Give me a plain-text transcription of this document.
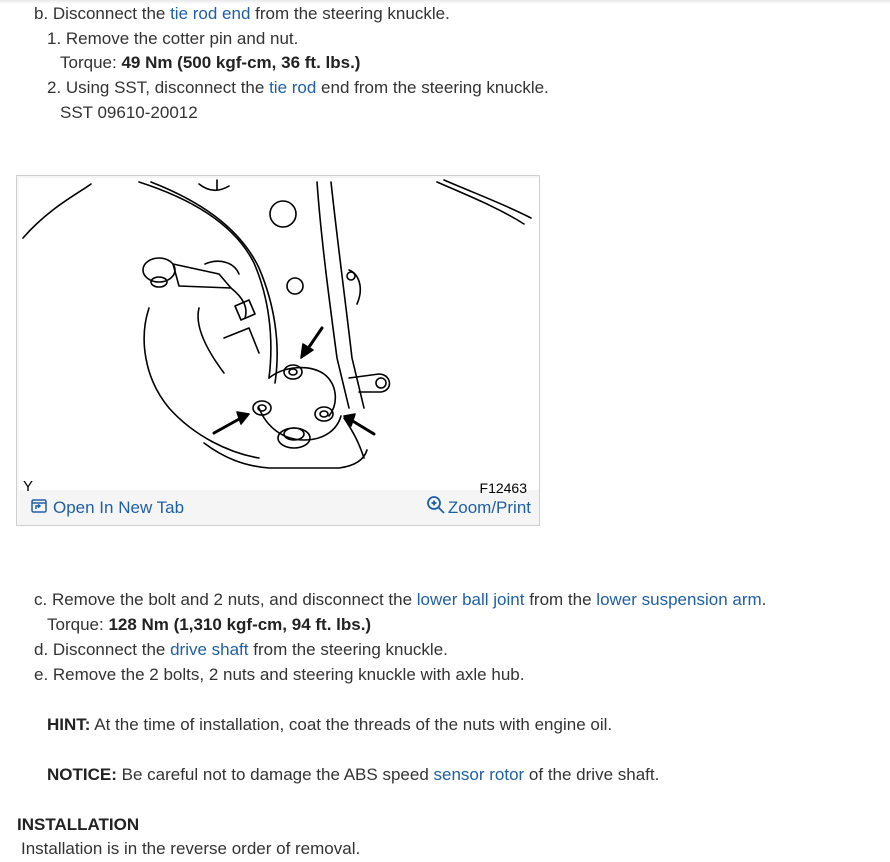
b. Disconnect the tie rod end from the steering knuckle.
1. Remove the cotter pin and nut.
Torque: 49 Nm (500 kgf-cm, 36 ft. lbs.)
2. Using SST, disconnect the tie rod end from the steering knuckle.
SST 09610-20012
Y	F12463
Open In New Tab	Zoom/Print
c. Remove the bolt and 2 nuts, and disconnect the lower ball joint from the lower suspension arm.
Torque: 128 Nm (1,310 kgf-cm, 94 ft. lbs.)
d. Disconnect the drive shaft from the steering knuckle.
e. Remove the 2 bolts, 2 nuts and steering knuckle with axle hub.
HINT: At the time of installation, coat the threads of the nuts with engine oil.
NOTICE: Be careful not to damage the ABS speed sensor rotor of the drive shaft.
INSTALLATION
Installation is in the reverse order of removal.
